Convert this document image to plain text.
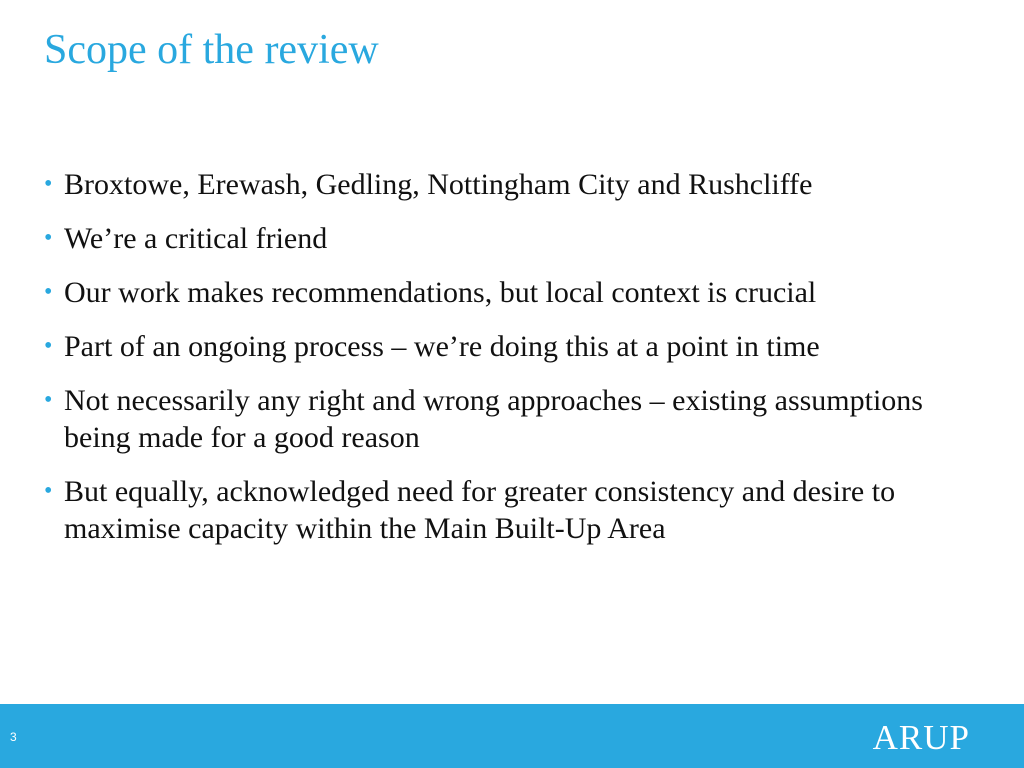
Scope of the review
• Broxtowe, Erewash, Gedling, Nottingham City and Rushcliffe
• We’re a critical friend
• Our work makes recommendations, but local context is crucial
• Part of an ongoing process – we’re doing this at a point in time
• Not necessarily any right and wrong approaches – existing assumptions being made for a good reason
• But equally, acknowledged need for greater consistency and desire to maximise capacity within the Main Built-Up Area
3	ARUP
